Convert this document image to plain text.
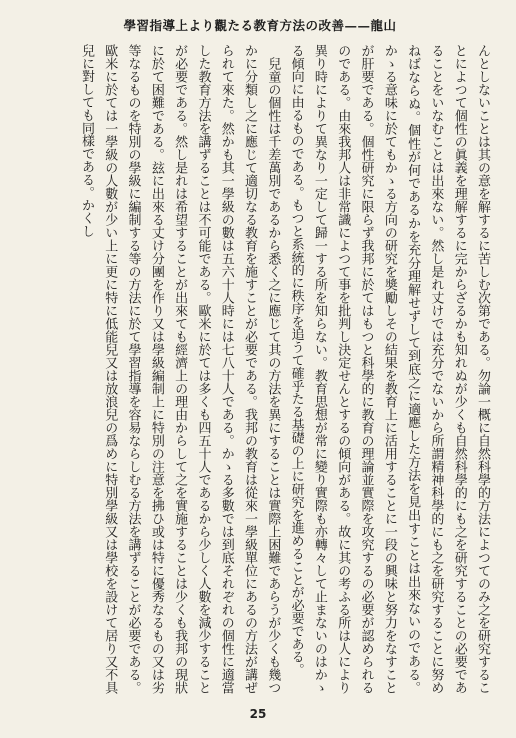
學習指導上より觀たる教育方法の改善——龍山

んとしないことは其の意を解するに苦しむ次第である。勿論一概に自然科學的方法によつてのみ之を研究することによつて個性の眞義を理解するに完からざるかも知れぬが少くも自然科學的にも之を研究することの必要であることをいなむことは出來ない。然し是れ丈けでは充分でないから所謂精神科學的にも之を研究することに努めねばならぬ。個性が何であるかを充分理解せずして到底之に適應した方法を見出すことは出來ないのである。かゝる意味に於てもかゝる方向の研究を奬勵しその結果を教育上に活用することに一段の興味と努力をなすことが肝要である。個性研究に限らず我邦に於てはもつと科學的に教育の理論並實際を攻究するの必要が認められるのである。由來我邦人は非常識によつて事を批判し決定せんとするの傾向がある。故に其の考ふる所は人により異り時によりて異なり一定して歸一する所を知らない。教育思想が常に變り實際も亦轉々して止まないのはかゝる傾向に由るものである。もつと系統的に秩序を追うて確乎たる基礎の上に研究を進めることが必要である。

兒童の個性は千差萬別であるから悉く之に應じて其の方法を異にすることは實際上困難であらうが少くも幾つかに分類し之に應じて適切なる教育を施すことが必要である。我邦の教育は從來一學級單位にあるの方法が講ぜられて來た。然かも其一學級の數は五六十人時には七八十人である。かゝる多數では到底それぞれの個性に適當した教育方法を講ずることは不可能である。歐米に於ては多くも四五十人であるから少しく人數を減少することが必要である。然し是れは希望することが出來ても經濟上の理由からして之を實施することは少くも我邦の現狀に於て困難である。玆に出來る丈け分團を作り又は學級編制上に特別の注意を拂ひ或は特に優秀なるもの又は劣等なるものを特別の學級に編制する等の方法に於て學習指導を容易ならしむる方法を講ずることが必要である。歐米に於ては一學級の人數が少い上に更に特に低能兒又は放浪兒の爲めに特別學級又は學校を設けて居り又不具兒に對しても同樣である。かくし

25
